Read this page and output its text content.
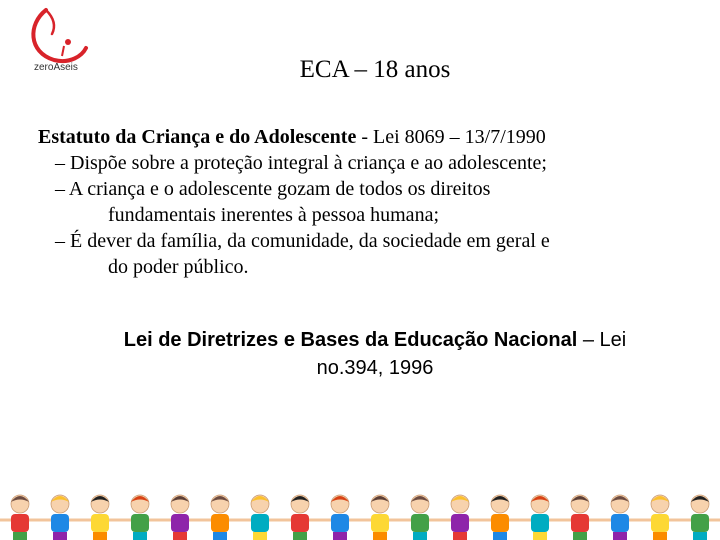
zeroAseis	ECA – 18 anos

Estatuto da Criança e do Adolescente - Lei 8069 – 13/7/1990

– Dispõe sobre a proteção integral à criança e ao adolescente;

– A criança e o adolescente gozam de todos os direitos
fundamentais inerentes à pessoa humana;

– É dever da família, da comunidade, da sociedade em geral e
do poder público.

Lei de Diretrizes e Bases da Educação Nacional – Lei
no.394, 1996
